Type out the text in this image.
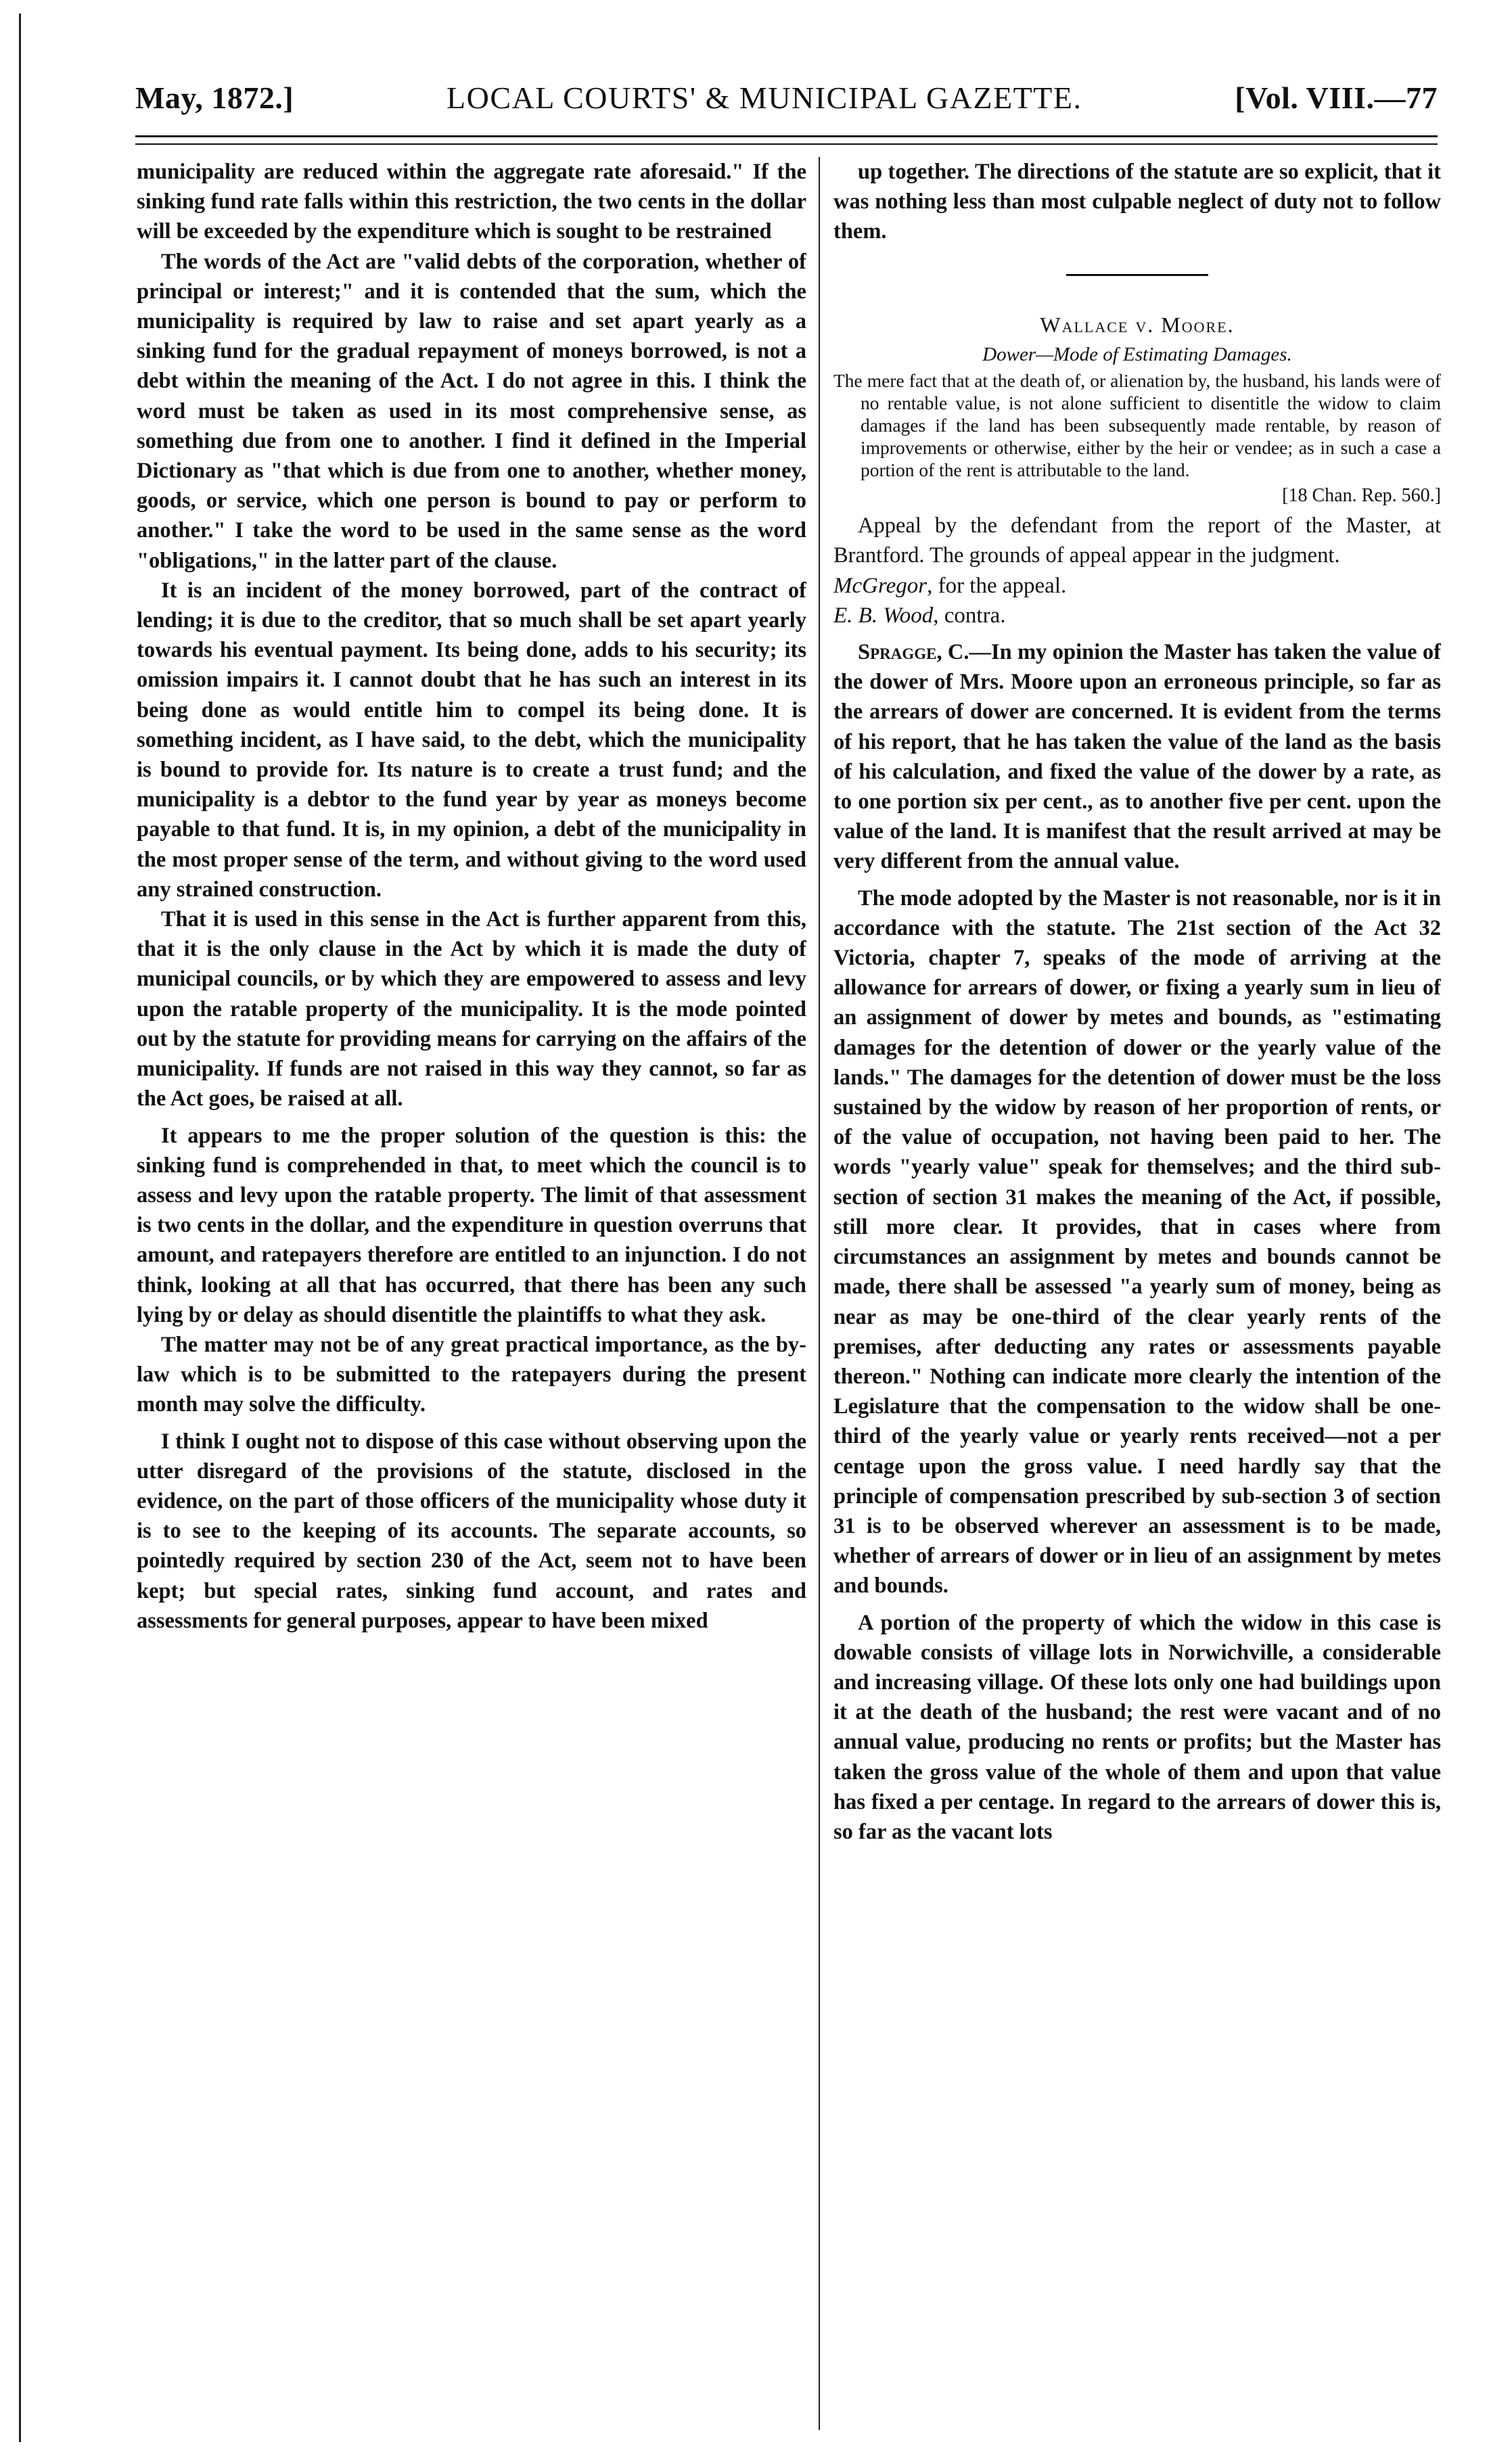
May, 1872.]	LOCAL COURTS' & MUNICIPAL GAZETTE.	[Vol. VIII.—77

municipality are reduced within the aggregate rate aforesaid." If the sinking fund rate falls within this restriction, the two cents in the dollar will be exceeded by the expenditure which is sought to be restrained

The words of the Act are "valid debts of the corporation, whether of principal or interest;" and it is contended that the sum, which the municipality is required by law to raise and set apart yearly as a sinking fund for the gradual repayment of moneys borrowed, is not a debt within the meaning of the Act. I do not agree in this. I think the word must be taken as used in its most comprehensive sense, as something due from one to another. I find it defined in the Imperial Dictionary as "that which is due from one to another, whether money, goods, or service, which one person is bound to pay or perform to another." I take the word to be used in the same sense as the word "obligations," in the latter part of the clause.

It is an incident of the money borrowed, part of the contract of lending; it is due to the creditor, that so much shall be set apart yearly towards his eventual payment. Its being done, adds to his security; its omission impairs it. I cannot doubt that he has such an interest in its being done as would entitle him to compel its being done. It is something incident, as I have said, to the debt, which the municipality is bound to provide for. Its nature is to create a trust fund; and the municipality is a debtor to the fund year by year as moneys become payable to that fund. It is, in my opinion, a debt of the municipality in the most proper sense of the term, and without giving to the word used any strained construction.

That it is used in this sense in the Act is further apparent from this, that it is the only clause in the Act by which it is made the duty of municipal councils, or by which they are empowered to assess and levy upon the ratable property of the municipality. It is the mode pointed out by the statute for providing means for carrying on the affairs of the municipality. If funds are not raised in this way they cannot, so far as the Act goes, be raised at all.

It appears to me the proper solution of the question is this: the sinking fund is comprehended in that, to meet which the council is to assess and levy upon the ratable property. The limit of that assessment is two cents in the dollar, and the expenditure in question overruns that amount, and ratepayers therefore are entitled to an injunction. I do not think, looking at all that has occurred, that there has been any such lying by or delay as should disentitle the plaintiffs to what they ask.

The matter may not be of any great practical importance, as the by-law which is to be submitted to the ratepayers during the present month may solve the difficulty.

I think I ought not to dispose of this case without observing upon the utter disregard of the provisions of the statute, disclosed in the evidence, on the part of those officers of the municipality whose duty it is to see to the keeping of its accounts. The separate accounts, so pointedly required by section 230 of the Act, seem not to have been kept; but special rates, sinking fund account, and rates and assessments for general purposes, appear to have been mixed

up together. The directions of the statute are so explicit, that it was nothing less than most culpable neglect of duty not to follow them.

Wallace v. Moore.

Dower—Mode of Estimating Damages.

The mere fact that at the death of, or alienation by, the husband, his lands were of no rentable value, is not alone sufficient to disentitle the widow to claim damages if the land has been subsequently made rentable, by reason of improvements or otherwise, either by the heir or vendee; as in such a case a portion of the rent is attributable to the land.

[18 Chan. Rep. 560.]

Appeal by the defendant from the report of the Master, at Brantford. The grounds of appeal appear in the judgment.

McGregor, for the appeal.

E. B. Wood, contra.

Spragge, C.—In my opinion the Master has taken the value of the dower of Mrs. Moore upon an erroneous principle, so far as the arrears of dower are concerned. It is evident from the terms of his report, that he has taken the value of the land as the basis of his calculation, and fixed the value of the dower by a rate, as to one portion six per cent., as to another five per cent. upon the value of the land. It is manifest that the result arrived at may be very different from the annual value.

The mode adopted by the Master is not reasonable, nor is it in accordance with the statute. The 21st section of the Act 32 Victoria, chapter 7, speaks of the mode of arriving at the allowance for arrears of dower, or fixing a yearly sum in lieu of an assignment of dower by metes and bounds, as "estimating damages for the detention of dower or the yearly value of the lands." The damages for the detention of dower must be the loss sustained by the widow by reason of her proportion of rents, or of the value of occupation, not having been paid to her. The words "yearly value" speak for themselves; and the third sub-section of section 31 makes the meaning of the Act, if possible, still more clear. It provides, that in cases where from circumstances an assignment by metes and bounds cannot be made, there shall be assessed "a yearly sum of money, being as near as may be one-third of the clear yearly rents of the premises, after deducting any rates or assessments payable thereon." Nothing can indicate more clearly the intention of the Legislature that the compensation to the widow shall be one-third of the yearly value or yearly rents received—not a per centage upon the gross value. I need hardly say that the principle of compensation prescribed by sub-section 3 of section 31 is to be observed wherever an assessment is to be made, whether of arrears of dower or in lieu of an assignment by metes and bounds.

A portion of the property of which the widow in this case is dowable consists of village lots in Norwichville, a considerable and increasing village. Of these lots only one had buildings upon it at the death of the husband; the rest were vacant and of no annual value, producing no rents or profits; but the Master has taken the gross value of the whole of them and upon that value has fixed a per centage. In regard to the arrears of dower this is, so far as the vacant lots
